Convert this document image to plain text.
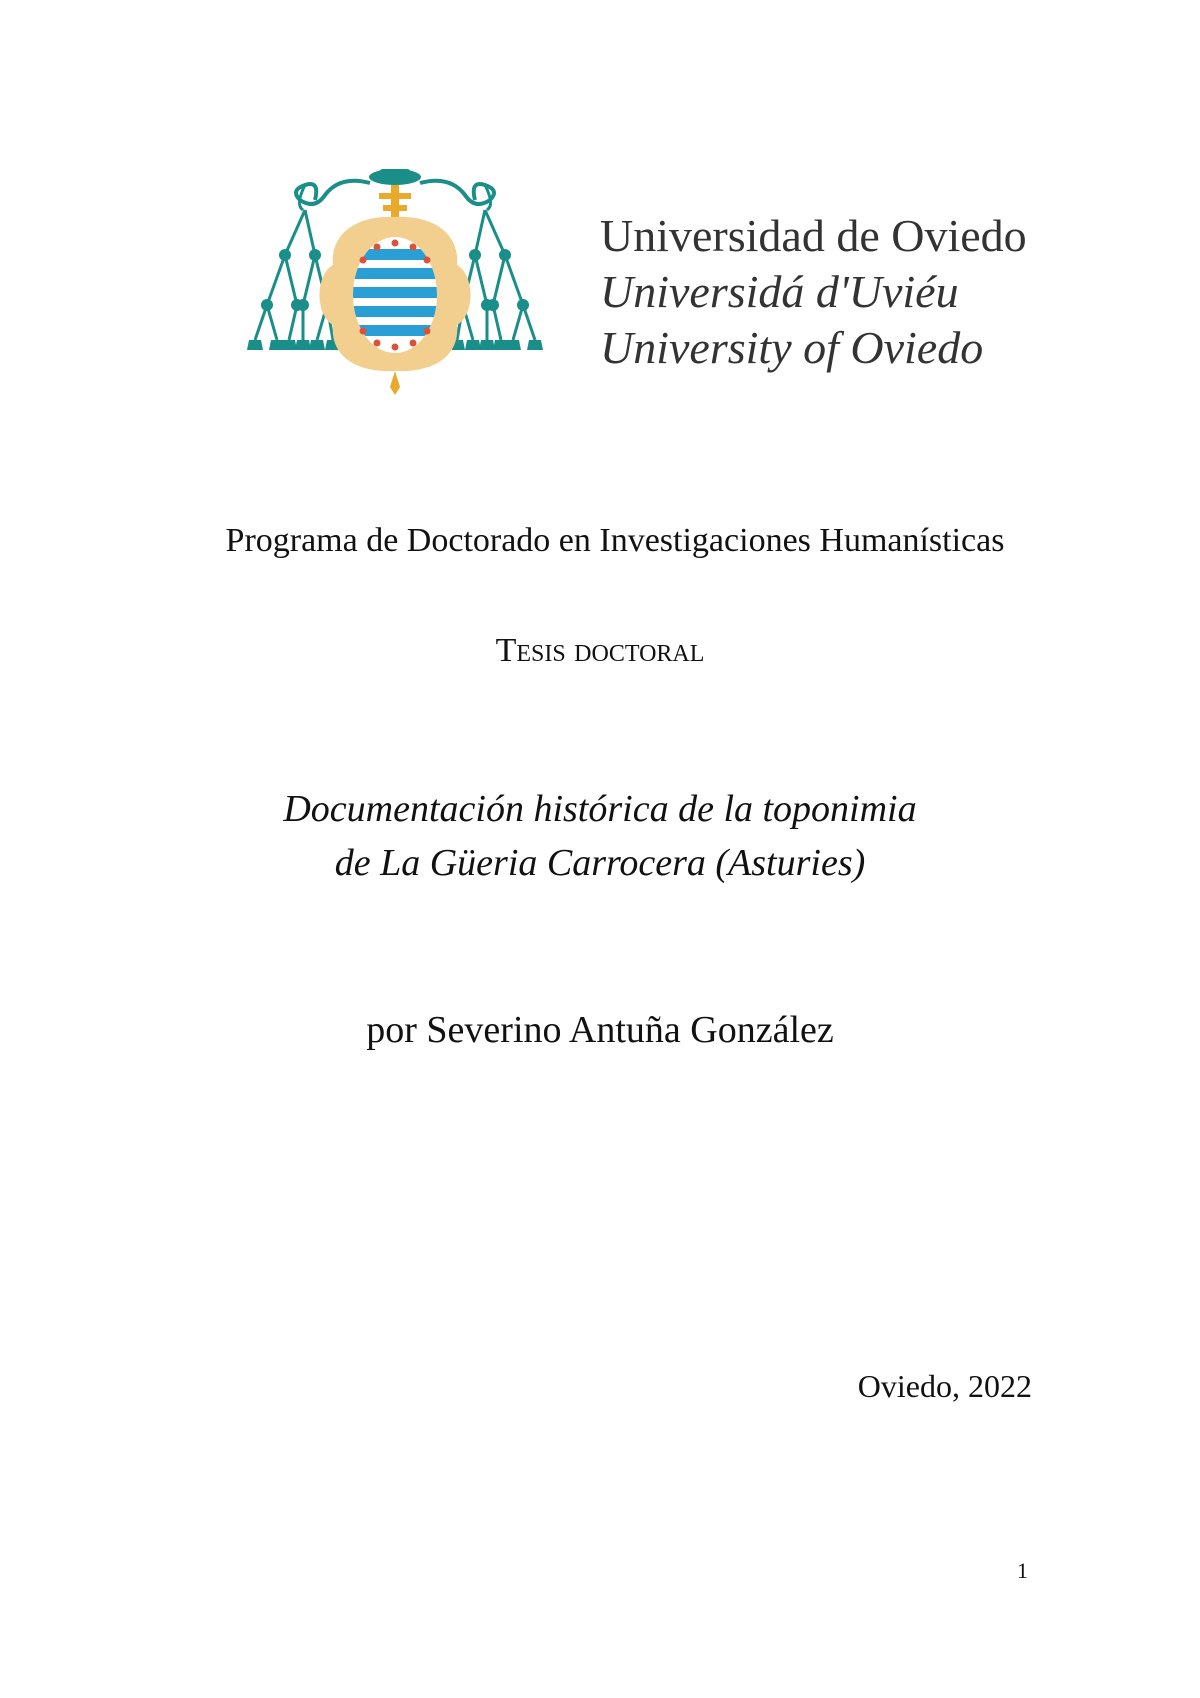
Universidad de Oviedo
Universidá d'Uviéu
University of Oviedo
Programa de Doctorado en Investigaciones Humanísticas
Tesis doctoral
Documentación histórica de la toponimia
de La Güeria Carrocera (Asturies)
por Severino Antuña González
Oviedo, 2022
1
